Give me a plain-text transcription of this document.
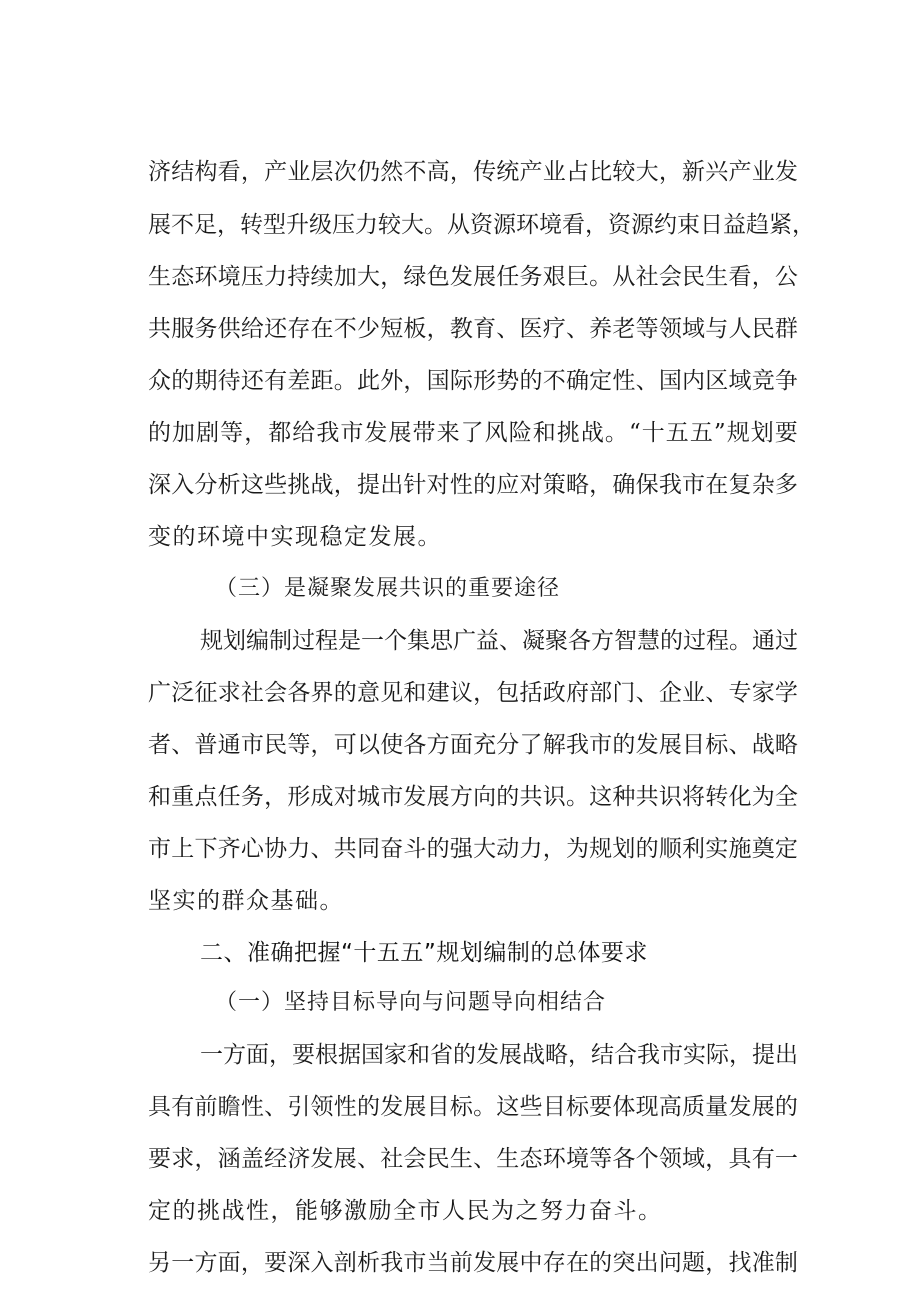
济 结 构 看 ， 产 业 层 次 仍 然 不 高 ， 传 统 产 业 占 比 较 大 ， 新 兴 产 业 发

展 不 足 ， 转 型 升 级 压 力 较 大 。 从 资 源 环 境 看 ， 资 源 约 束 日 益 趋 紧 ，

生 态 环 境 压 力 持 续 加 大 ， 绿 色 发 展 任 务 艰 巨 。 从 社 会 民 生 看 ， 公

共 服 务 供 给 还 存 在 不 少 短 板 ， 教 育 、 医 疗 、 养 老 等 领 域 与 人 民 群

众 的 期 待 还 有 差 距 。 此 外 ， 国 际 形 势 的 不 确 定 性 、 国 内 区 域 竞 争

的 加 剧 等 ， 都 给 我 市 发 展 带 来 了 风 险 和 挑 战 。 “ 十 五 五 ” 规 划 要

深 入 分 析 这 些 挑 战 ， 提 出 针 对 性 的 应 对 策 略 ， 确 保 我 市 在 复 杂 多

变的环境中实现稳定发展。

（三）是凝聚发展共识的重要途径

规 划 编 制 过 程 是 一 个 集 思 广 益 、 凝 聚 各 方 智 慧 的 过 程 。 通 过

广 泛 征 求 社 会 各 界 的 意 见 和 建 议 ， 包 括 政 府 部 门 、 企 业 、 专 家 学

者 、 普 通 市 民 等 ， 可 以 使 各 方 面 充 分 了 解 我 市 的 发 展 目 标 、 战 略

和 重 点 任 务 ， 形 成 对 城 市 发 展 方 向 的 共 识 。 这 种 共 识 将 转 化 为 全

市 上 下 齐 心 协 力 、 共 同 奋 斗 的 强 大 动 力 ， 为 规 划 的 顺 利 实 施 奠 定

坚实的群众基础。

二、准确把握“十五五”规划编制的总体要求

（一）坚持目标导向与问题导向相结合

一 方 面 ， 要 根 据 国 家 和 省 的 发 展 战 略 ， 结 合 我 市 实 际 ， 提 出

具 有 前 瞻 性 、 引 领 性 的 发 展 目 标 。 这 些 目 标 要 体 现 高 质 量 发 展 的

要 求 ， 涵 盖 经 济 发 展 、 社 会 民 生 、 生 态 环 境 等 各 个 领 域 ， 具 有 一

定的挑战性，能够激励全市人民为之努力奋斗。

另 一 方 面 ， 要 深 入 剖 析 我 市 当 前 发 展 中 存 在 的 突 出 问 题 ， 找 准 制
